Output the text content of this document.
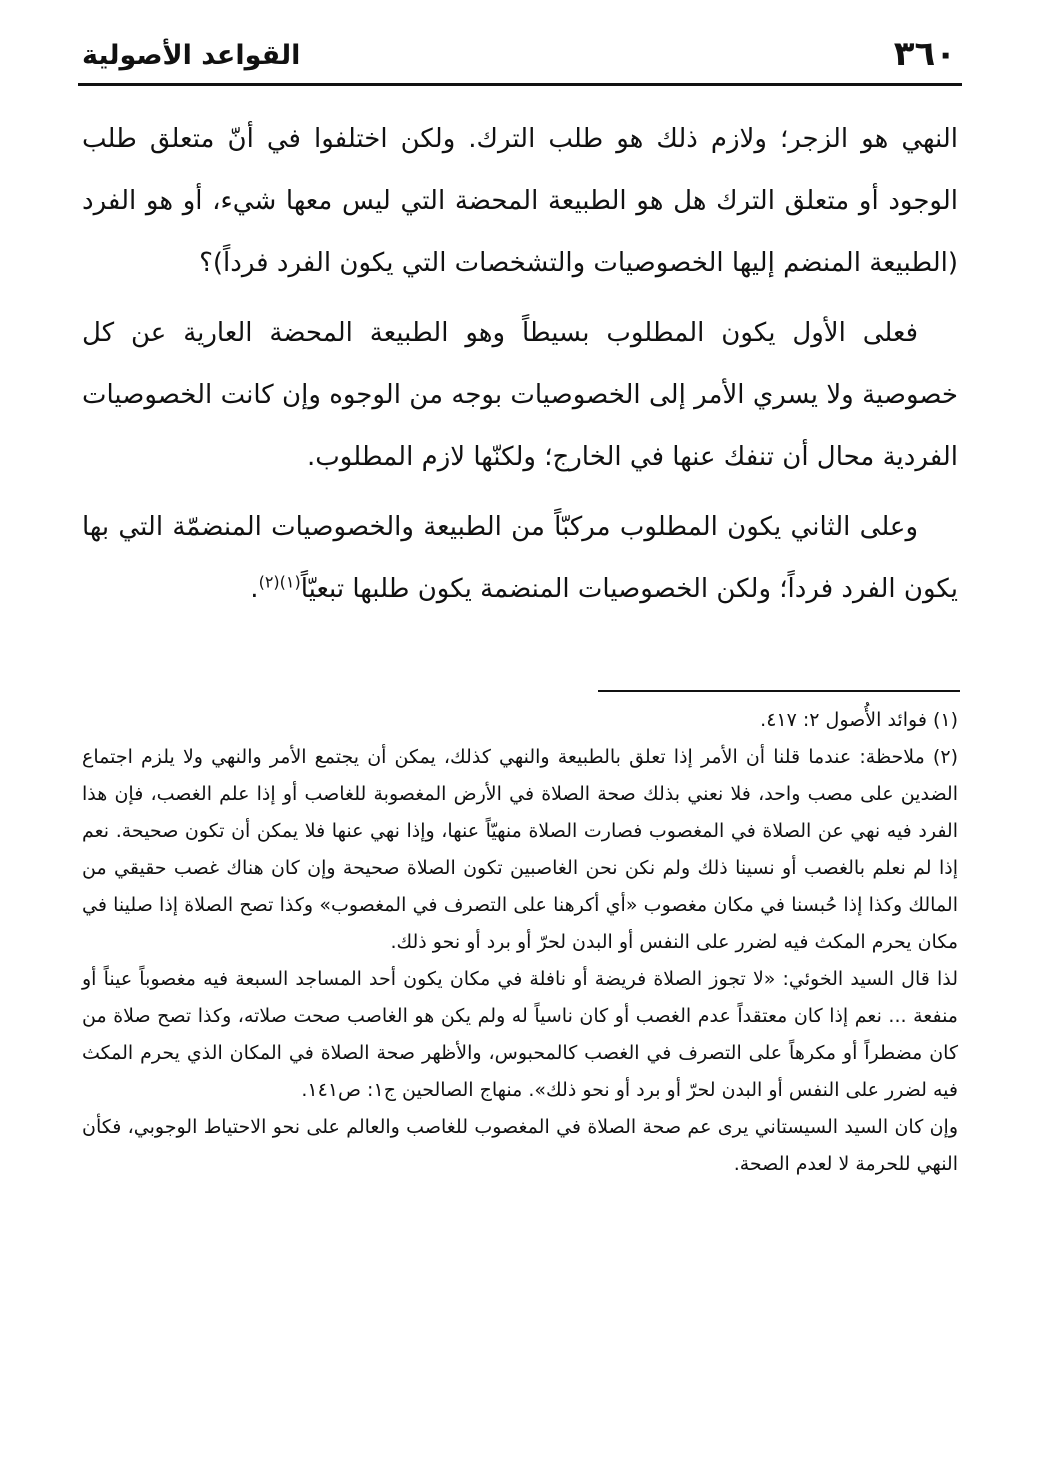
٣٦٠
القواعد الأصولية

النهي هو الزجر؛ ولازم ذلك هو طلب الترك. ولكن اختلفوا في أنّ متعلق طلب الوجود أو متعلق الترك هل هو الطبيعة المحضة التي ليس معها شيء، أو هو الفرد (الطبيعة المنضم إليها الخصوصيات والتشخصات التي يكون الفرد فرداً)؟

فعلى الأول يكون المطلوب بسيطاً وهو الطبيعة المحضة العارية عن كل خصوصية ولا يسري الأمر إلى الخصوصيات بوجه من الوجوه وإن كانت الخصوصيات الفردية محال أن تنفك عنها في الخارج؛ ولكنّها لازم المطلوب.

وعلى الثاني يكون المطلوب مركبّاً من الطبيعة والخصوصيات المنضمّة التي بها يكون الفرد فرداً؛ ولكن الخصوصيات المنضمة يكون طلبها تبعيّاً$^{(١)(٢)}$.

(١) فوائد الأُصول ٢: ٤١٧.

(٢) ملاحظة: عندما قلنا أن الأمر إذا تعلق بالطبيعة والنهي كذلك، يمكن أن يجتمع الأمر والنهي ولا يلزم اجتماع الضدين على مصب واحد، فلا نعني بذلك صحة الصلاة في الأرض المغصوبة للغاصب أو إذا علم الغصب، فإن هذا الفرد فيه نهي عن الصلاة في المغصوب فصارت الصلاة منهيّاً عنها، وإذا نهي عنها فلا يمكن أن تكون صحيحة. نعم إذا لم نعلم بالغصب أو نسينا ذلك ولم نكن نحن الغاصبين تكون الصلاة صحيحة وإن كان هناك غصب حقيقي من المالك وكذا إذا حُبسنا في مكان مغصوب «أي أكرهنا على التصرف في المغصوب» وكذا تصح الصلاة إذا صلينا في مكان يحرم المكث فيه لضرر على النفس أو البدن لحرّ أو برد أو نحو ذلك.

لذا قال السيد الخوئي: «لا تجوز الصلاة فريضة أو نافلة في مكان يكون أحد المساجد السبعة فيه مغصوباً عيناً أو منفعة ... نعم إذا كان معتقداً عدم الغصب أو كان ناسياً له ولم يكن هو الغاصب صحت صلاته، وكذا تصح صلاة من كان مضطراً أو مكرهاً على التصرف في الغصب كالمحبوس، والأظهر صحة الصلاة في المكان الذي يحرم المكث فيه لضرر على النفس أو البدن لحرّ أو برد أو نحو ذلك». منهاج الصالحين ج١: ص١٤١.

وإن كان السيد السيستاني يرى عم صحة الصلاة في المغصوب للغاصب والعالم على نحو الاحتياط الوجوبي، فكأن النهي للحرمة لا لعدم الصحة.
